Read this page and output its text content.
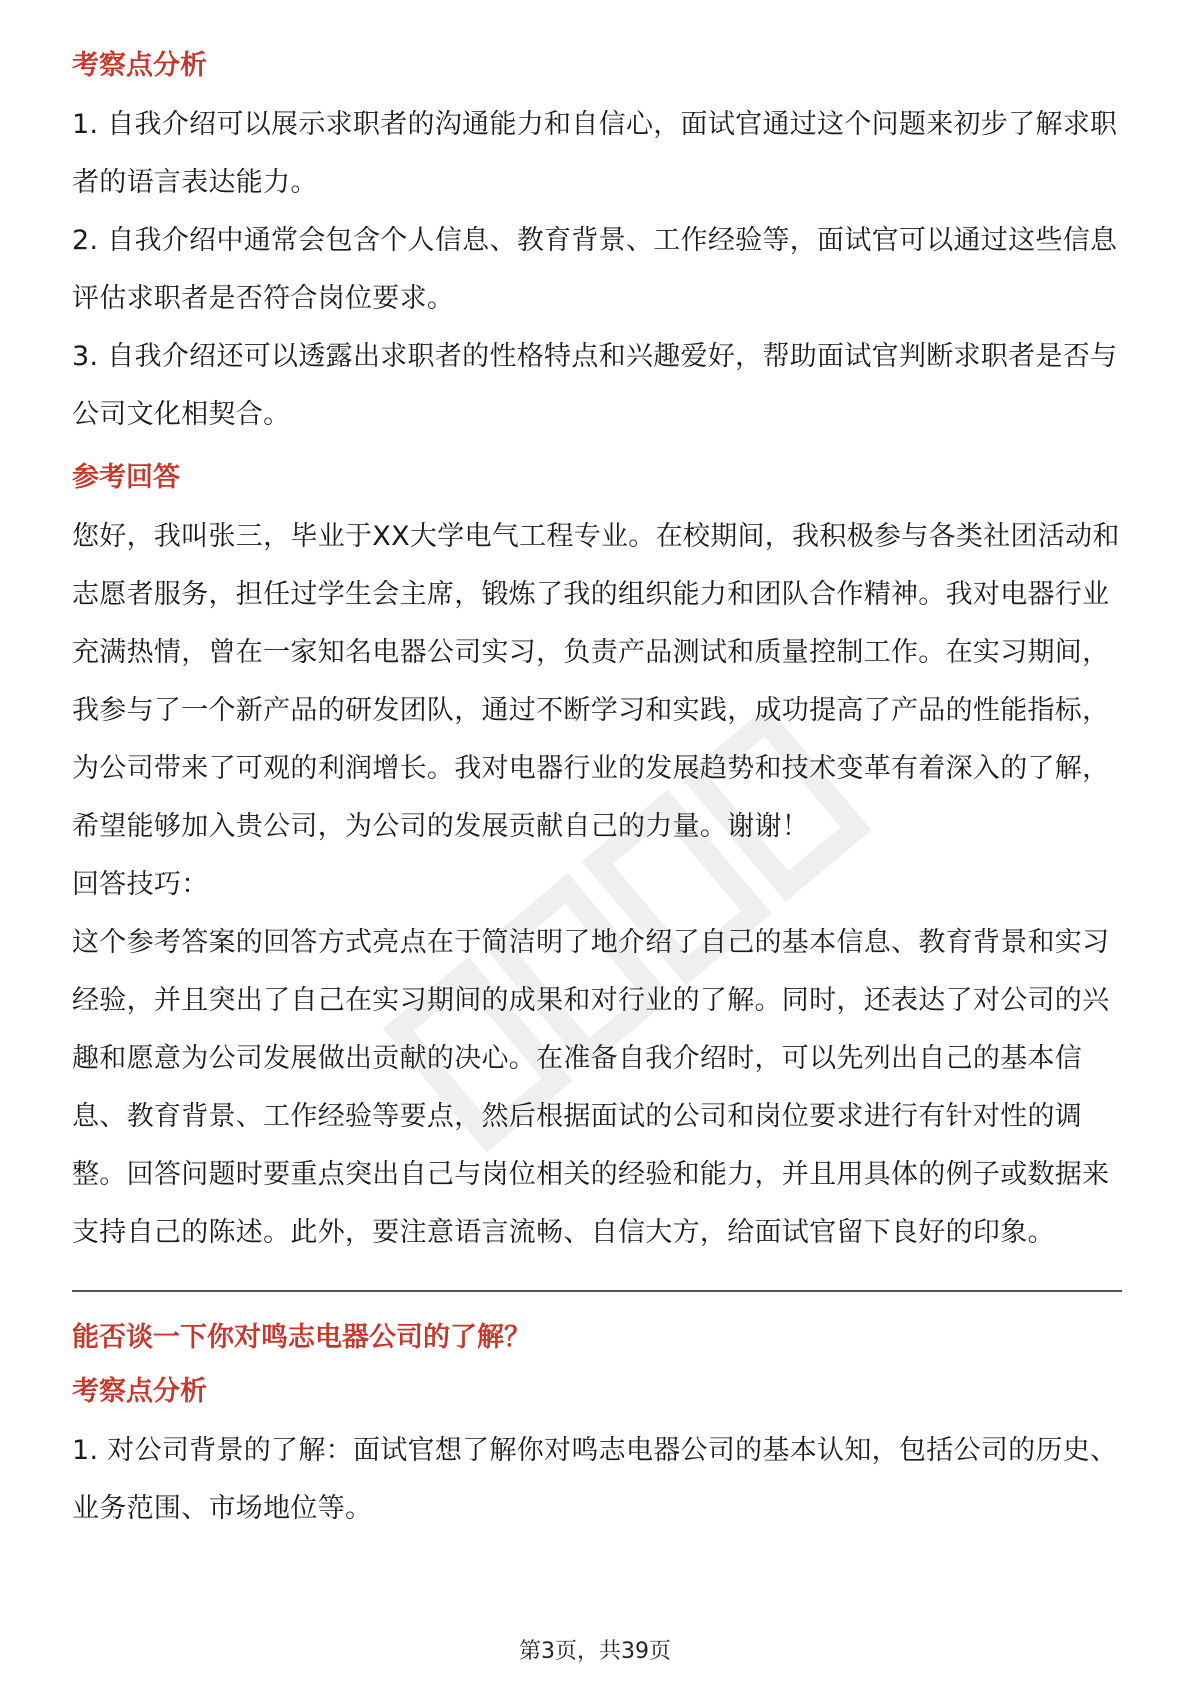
考察点分析

1. 自我介绍可以展示求职者的沟通能力和自信心，面试官通过这个问题来初步了解求职者的语言表达能力。

2. 自我介绍中通常会包含个人信息、教育背景、工作经验等，面试官可以通过这些信息评估求职者是否符合岗位要求。

3. 自我介绍还可以透露出求职者的性格特点和兴趣爱好，帮助面试官判断求职者是否与公司文化相契合。

参考回答

您好，我叫张三，毕业于XX大学电气工程专业。在校期间，我积极参与各类社团活动和志愿者服务，担任过学生会主席，锻炼了我的组织能力和团队合作精神。我对电器行业充满热情，曾在一家知名电器公司实习，负责产品测试和质量控制工作。在实习期间，我参与了一个新产品的研发团队，通过不断学习和实践，成功提高了产品的性能指标，为公司带来了可观的利润增长。我对电器行业的发展趋势和技术变革有着深入的了解，希望能够加入贵公司，为公司的发展贡献自己的力量。谢谢！

回答技巧：

这个参考答案的回答方式亮点在于简洁明了地介绍了自己的基本信息、教育背景和实习经验，并且突出了自己在实习期间的成果和对行业的了解。同时，还表达了对公司的兴趣和愿意为公司发展做出贡献的决心。在准备自我介绍时，可以先列出自己的基本信息、教育背景、工作经验等要点，然后根据面试的公司和岗位要求进行有针对性的调整。回答问题时要重点突出自己与岗位相关的经验和能力，并且用具体的例子或数据来支持自己的陈述。此外，要注意语言流畅、自信大方，给面试官留下良好的印象。

能否谈一下你对鸣志电器公司的了解？
考察点分析

1. 对公司背景的了解：面试官想了解你对鸣志电器公司的基本认知，包括公司的历史、业务范围、市场地位等。

第3页，共39页
